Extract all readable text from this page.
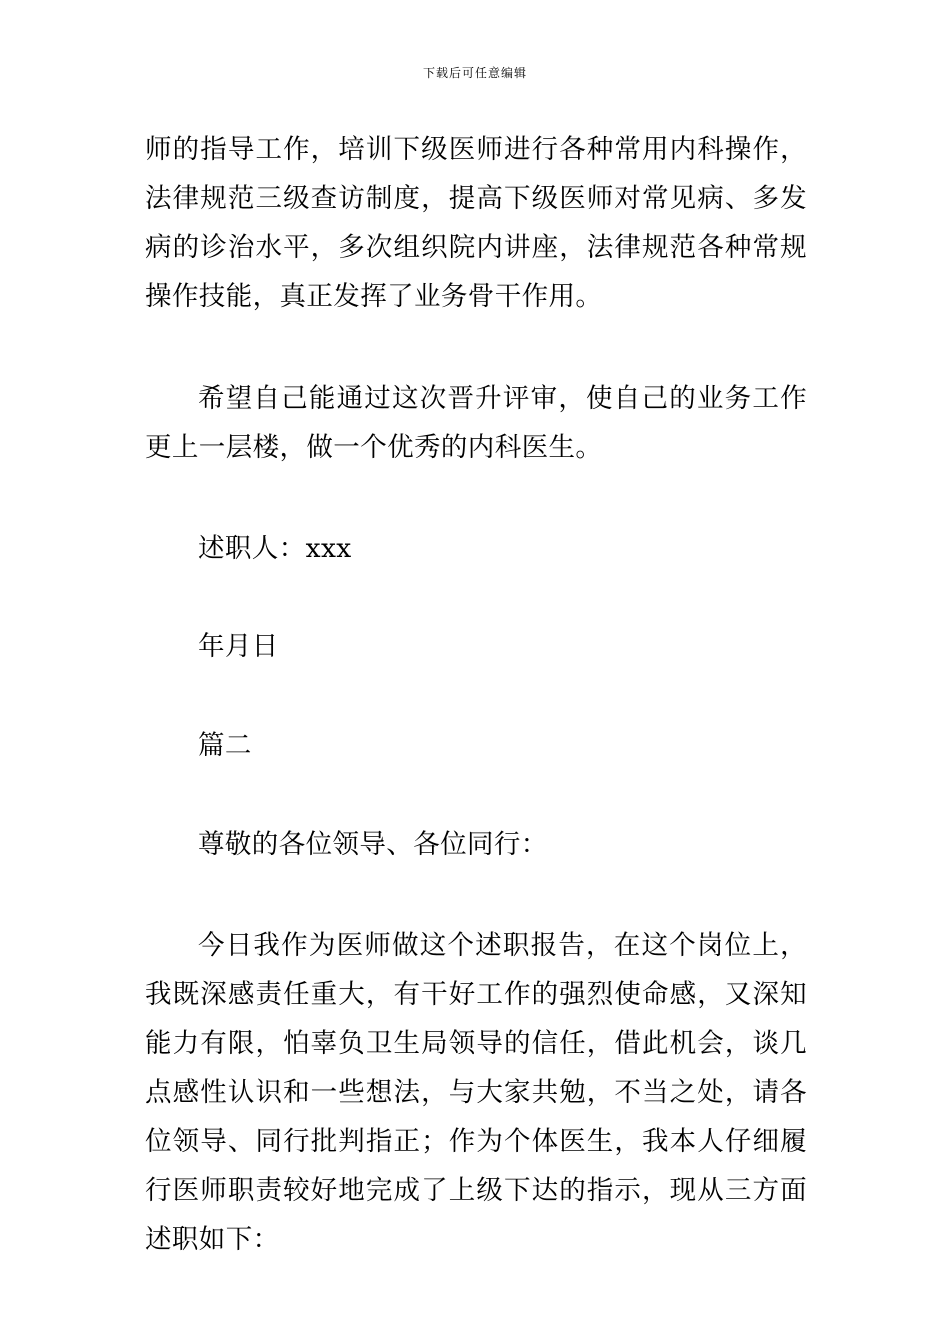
下载后可任意编辑

师的指导工作，培训下级医师进行各种常用内科操作，法律规范三级查访制度，提高下级医师对常见病、多发病的诊治水平，多次组织院内讲座，法律规范各种常规操作技能，真正发挥了业务骨干作用。

希望自己能通过这次晋升评审，使自己的业务工作更上一层楼，做一个优秀的内科医生。

述职人：xxx

年月日

篇二

尊敬的各位领导、各位同行：

今日我作为医师做这个述职报告，在这个岗位上，我既深感责任重大，有干好工作的强烈使命感，又深知能力有限，怕辜负卫生局领导的信任，借此机会，谈几点感性认识和一些想法，与大家共勉，不当之处，请各位领导、同行批判指正；作为个体医生，我本人仔细履行医师职责较好地完成了上级下达的指示，现从三方面述职如下：
